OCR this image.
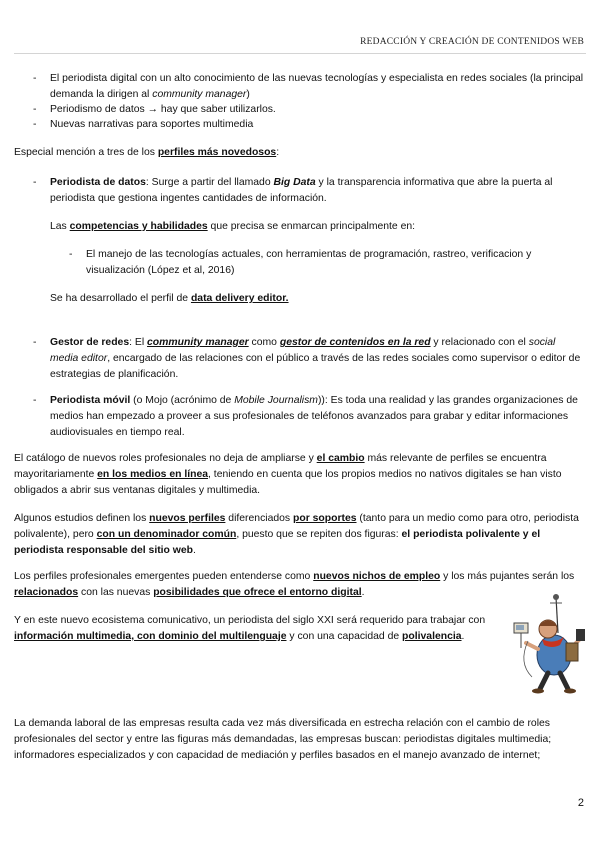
REDACCIÓN Y CREACIÓN DE CONTENIDOS WEB
- El periodista digital con un alto conocimiento de las nuevas tecnologías y especialista en redes sociales (la principal demanda la dirigen al community manager)

- Periodismo de datos → hay que saber utilizarlos.

- Nuevas narrativas para soportes multimedia

Especial mención a tres de los perfiles más novedosos:

- Periodista de datos: Surge a partir del llamado Big Data y la transparencia informativa que abre la puerta al periodista que gestiona ingentes cantidades de información.

Las competencias y habilidades que precisa se enmarcan principalmente en:

- El manejo de las tecnologías actuales, con herramientas de programación, rastreo, verificacion y visualización (López et al, 2016)

Se ha desarrollado el perfil de data delivery editor.

- Gestor de redes: El community manager como gestor de contenidos en la red y relacionado con el social media editor, encargado de las relaciones con el público a través de las redes sociales como supervisor o editor de estrategias de planificación.

- Periodista móvil (o Mojo (acrónimo de Mobile Journalism)): Es toda una realidad y las grandes organizaciones de medios han empezado a proveer a sus profesionales de teléfonos avanzados para grabar y editar informaciones audiovisuales en tiempo real.

El catálogo de nuevos roles profesionales no deja de ampliarse y el cambio más relevante de perfiles se encuentra mayoritariamente en los medios en línea, teniendo en cuenta que los propios medios no nativos digitales se han visto obligados a abrir sus ventanas digitales y multimedia.

Algunos estudios definen los nuevos perfiles diferenciados por soportes (tanto para un medio como para otro, periodista polivalente), pero con un denominador común, puesto que se repiten dos figuras: el periodista polivalente y el periodista responsable del sitio web.

Los perfiles profesionales emergentes pueden entenderse como nuevos nichos de empleo y los más pujantes serán los relacionados con las nuevas posibilidades que ofrece el entorno digital.

Y en este nuevo ecosistema comunicativo, un periodista del siglo XXI será requerido para trabajar con información multimedia, con dominio del multilenguaje y con una capacidad de polivalencia.

La demanda laboral de las empresas resulta cada vez más diversificada en estrecha relación con el cambio de roles profesionales del sector y entre las figuras más demandadas, las empresas buscan: periodistas digitales multimedia; informadores especializados y con capacidad de mediación y perfiles basados en el manejo avanzado de internet;

2
